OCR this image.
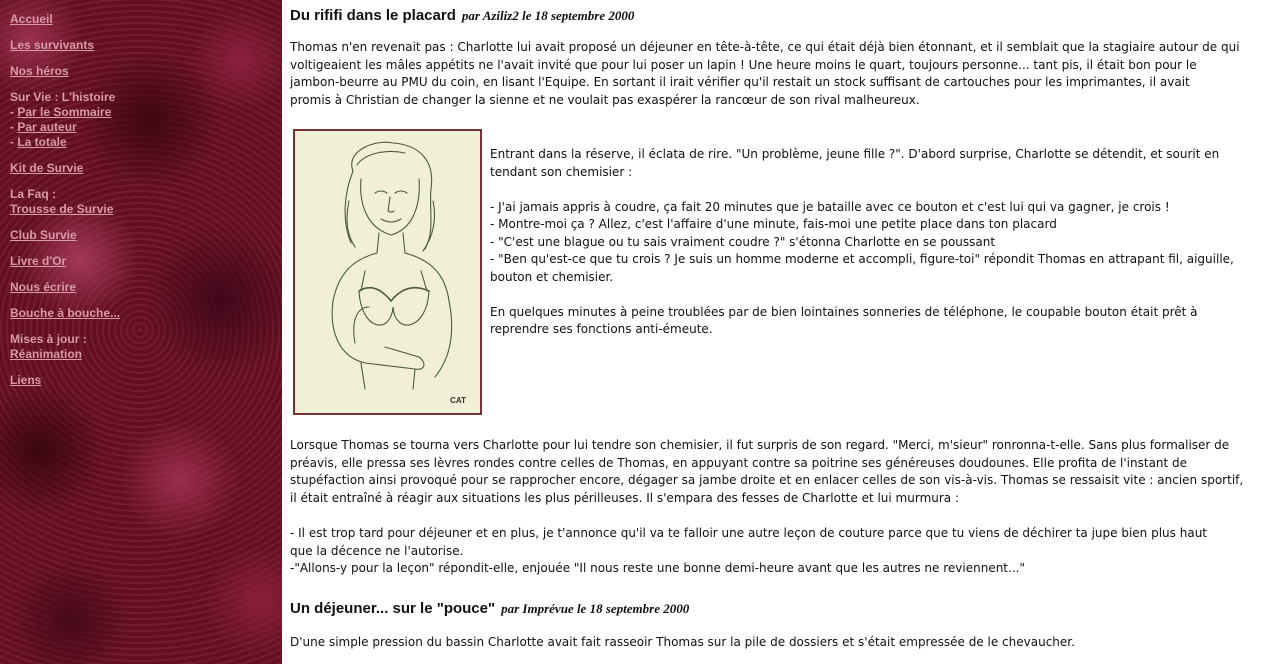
Accueil
Les survivants
Nos héros
Sur Vie : L'histoire
- Par le Sommaire
- Par auteur
- La totale
Kit de Survie
La Faq :
Trousse de Survie
Club Survie
Livre d'Or
Nous écrire
Bouche à bouche...
Mises à jour :
Réanimation
Liens
Du rififi dans le placard par Aziliz2 le 18 septembre 2000
Thomas n'en revenait pas : Charlotte lui avait proposé un déjeuner en tête-à-tête, ce qui était déjà bien étonnant, et il semblait que la stagiaire autour de qui
voltigeaient les mâles appétits ne l'avait invité que pour lui poser un lapin ! Une heure moins le quart, toujours personne... tant pis, il était bon pour le
jambon-beurre au PMU du coin, en lisant l'Equipe. En sortant il irait vérifier qu'il restait un stock suffisant de cartouches pour les imprimantes, il avait
promis à Christian de changer la sienne et ne voulait pas exaspérer la rancœur de son rival malheureux.
CAT
Entrant dans la réserve, il éclata de rire. "Un problème, jeune fille ?". D'abord surprise, Charlotte se détendit, et sourit en
tendant son chemisier :
- J'ai jamais appris à coudre, ça fait 20 minutes que je bataille avec ce bouton et c'est lui qui va gagner, je crois !
- Montre-moi ça ? Allez, c'est l'affaire d'une minute, fais-moi une petite place dans ton placard
- "C'est une blague ou tu sais vraiment coudre ?" s'étonna Charlotte en se poussant
- "Ben qu'est-ce que tu crois ? Je suis un homme moderne et accompli, figure-toi" répondit Thomas en attrapant fil, aiguille,
bouton et chemisier.
En quelques minutes à peine troublées par de bien lointaines sonneries de téléphone, le coupable bouton était prêt à
reprendre ses fonctions anti-émeute.
Lorsque Thomas se tourna vers Charlotte pour lui tendre son chemisier, il fut surpris de son regard. "Merci, m'sieur" ronronna-t-elle. Sans plus formaliser de
préavis, elle pressa ses lèvres rondes contre celles de Thomas, en appuyant contre sa poitrine ses généreuses doudounes. Elle profita de l'instant de
stupéfaction ainsi provoqué pour se rapprocher encore, dégager sa jambe droite et en enlacer celles de son vis-à-vis. Thomas se ressaisit vite : ancien sportif,
il était entraîné à réagir aux situations les plus périlleuses. Il s'empara des fesses de Charlotte et lui murmura :
- Il est trop tard pour déjeuner et en plus, je t'annonce qu'il va te falloir une autre leçon de couture parce que tu viens de déchirer ta jupe bien plus haut
que la décence ne l'autorise.
-"Allons-y pour la leçon" répondit-elle, enjouée "Il nous reste une bonne demi-heure avant que les autres ne reviennent..."
Un déjeuner... sur le "pouce" par Imprévue le 18 septembre 2000
D'une simple pression du bassin Charlotte avait fait rasseoir Thomas sur la pile de dossiers et s'était empressée de le chevaucher.
